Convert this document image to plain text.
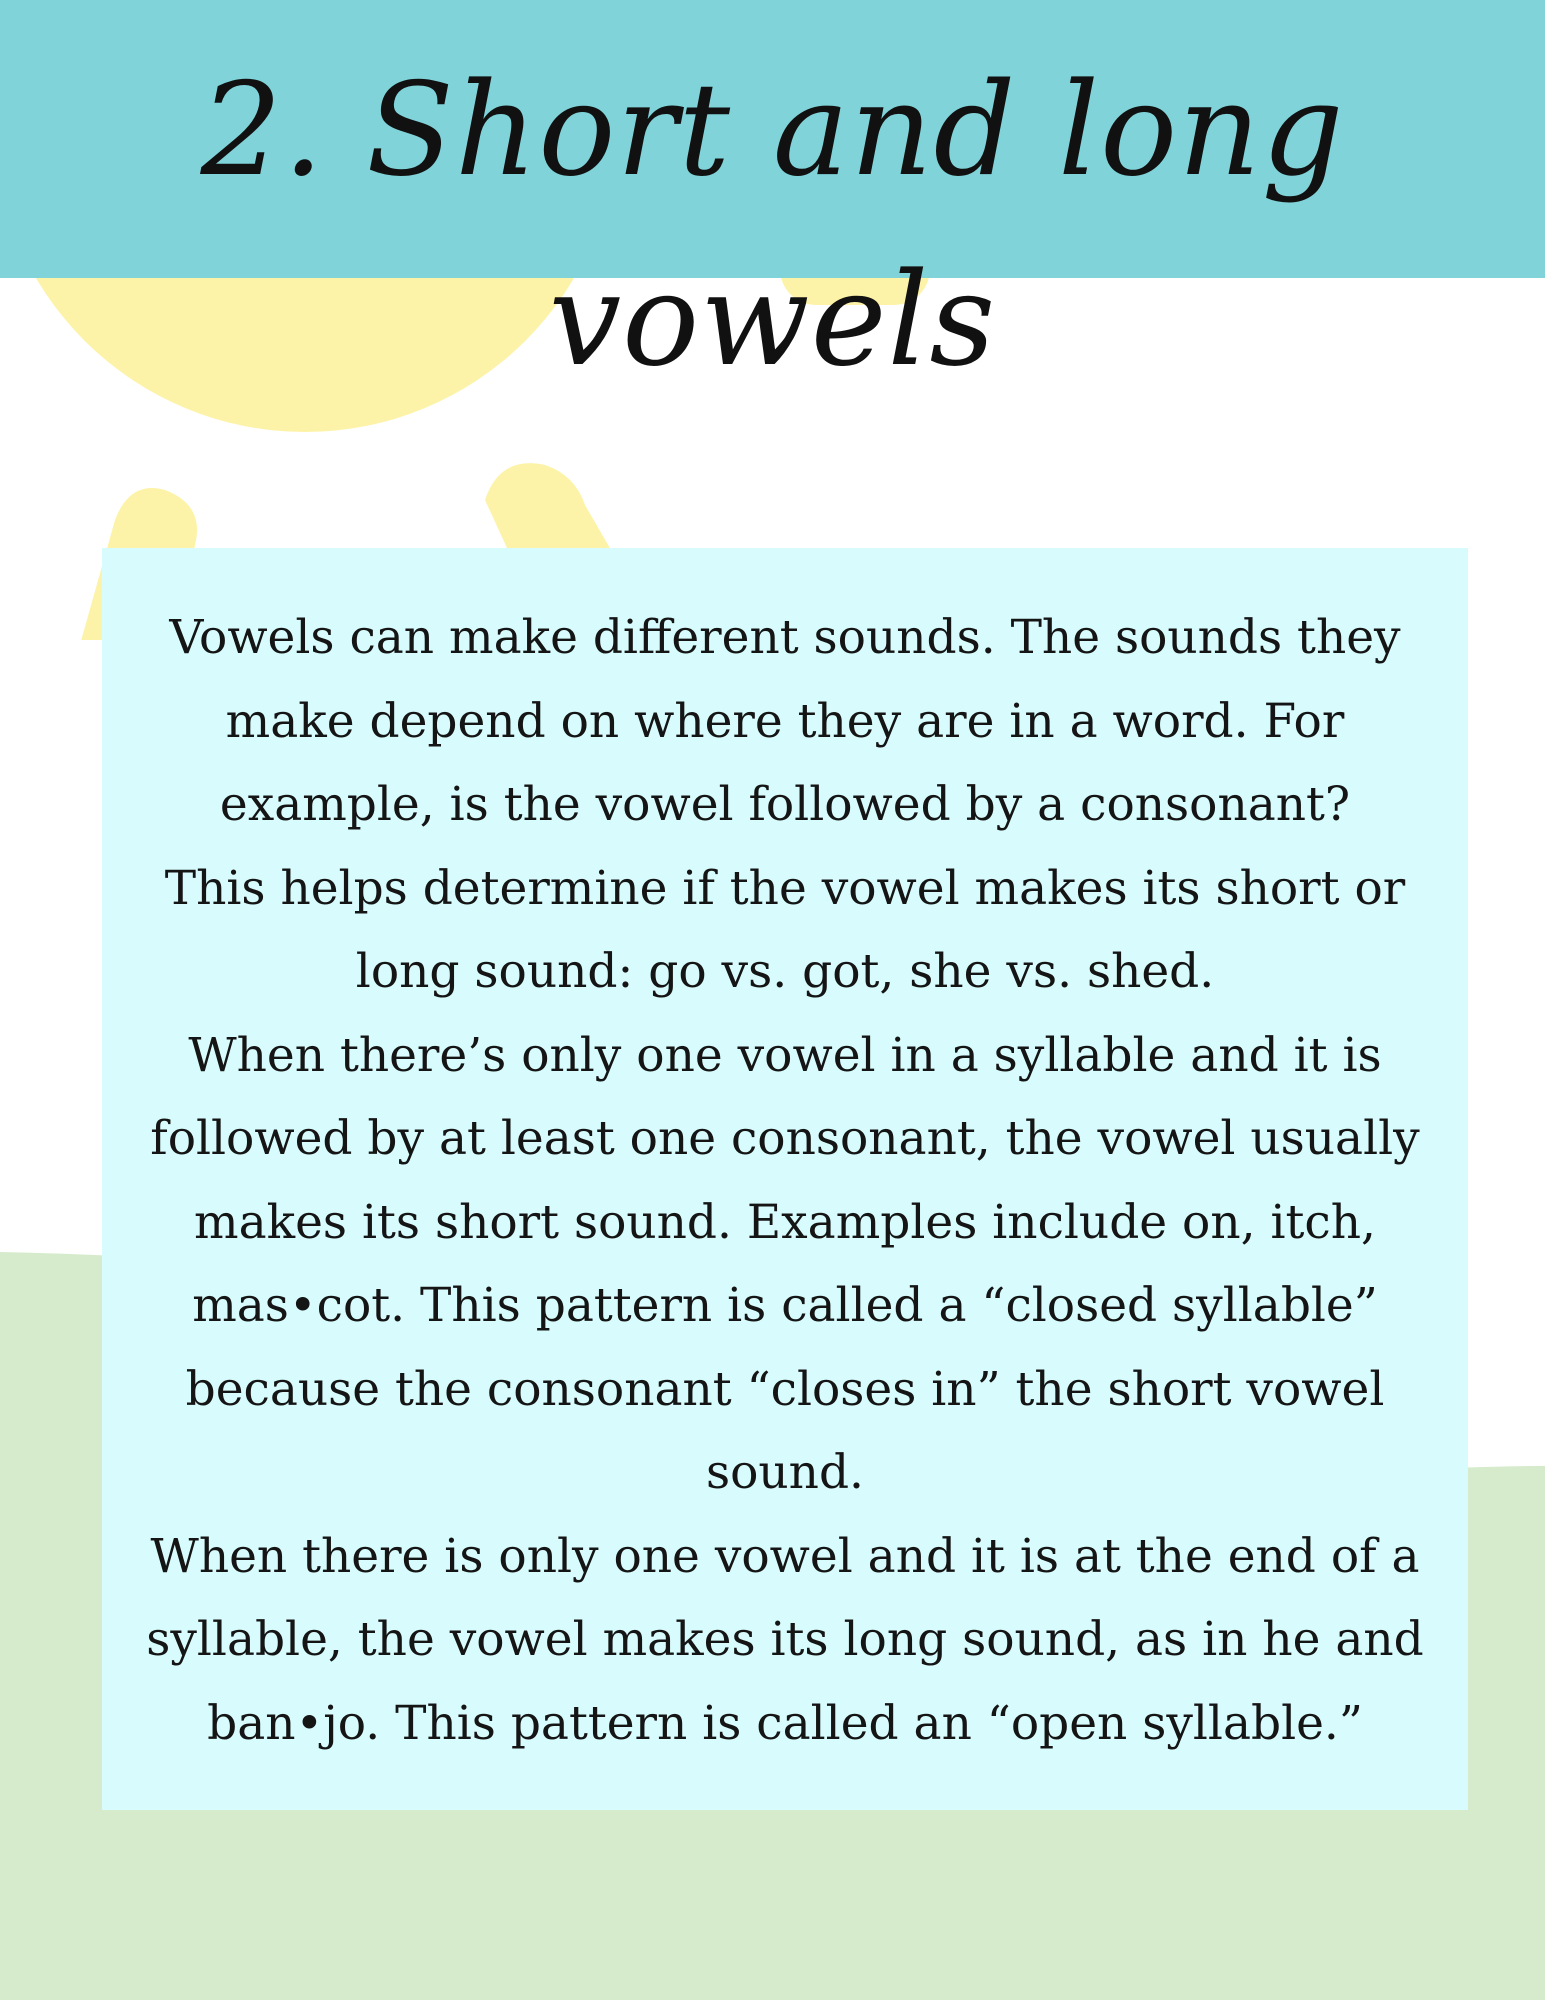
2. Short and long vowels

Vowels can make different sounds. The sounds they make depend on where they are in a word. For example, is the vowel followed by a consonant?

This helps determine if the vowel makes its short or long sound: go vs. got, she vs. shed.

When there’s only one vowel in a syllable and it is followed by at least one consonant, the vowel usually makes its short sound. Examples include on, itch, mas•cot. This pattern is called a “closed syllable” because the consonant “closes in” the short vowel sound.

When there is only one vowel and it is at the end of a syllable, the vowel makes its long sound, as in he and ban•jo. This pattern is called an “open syllable.”
